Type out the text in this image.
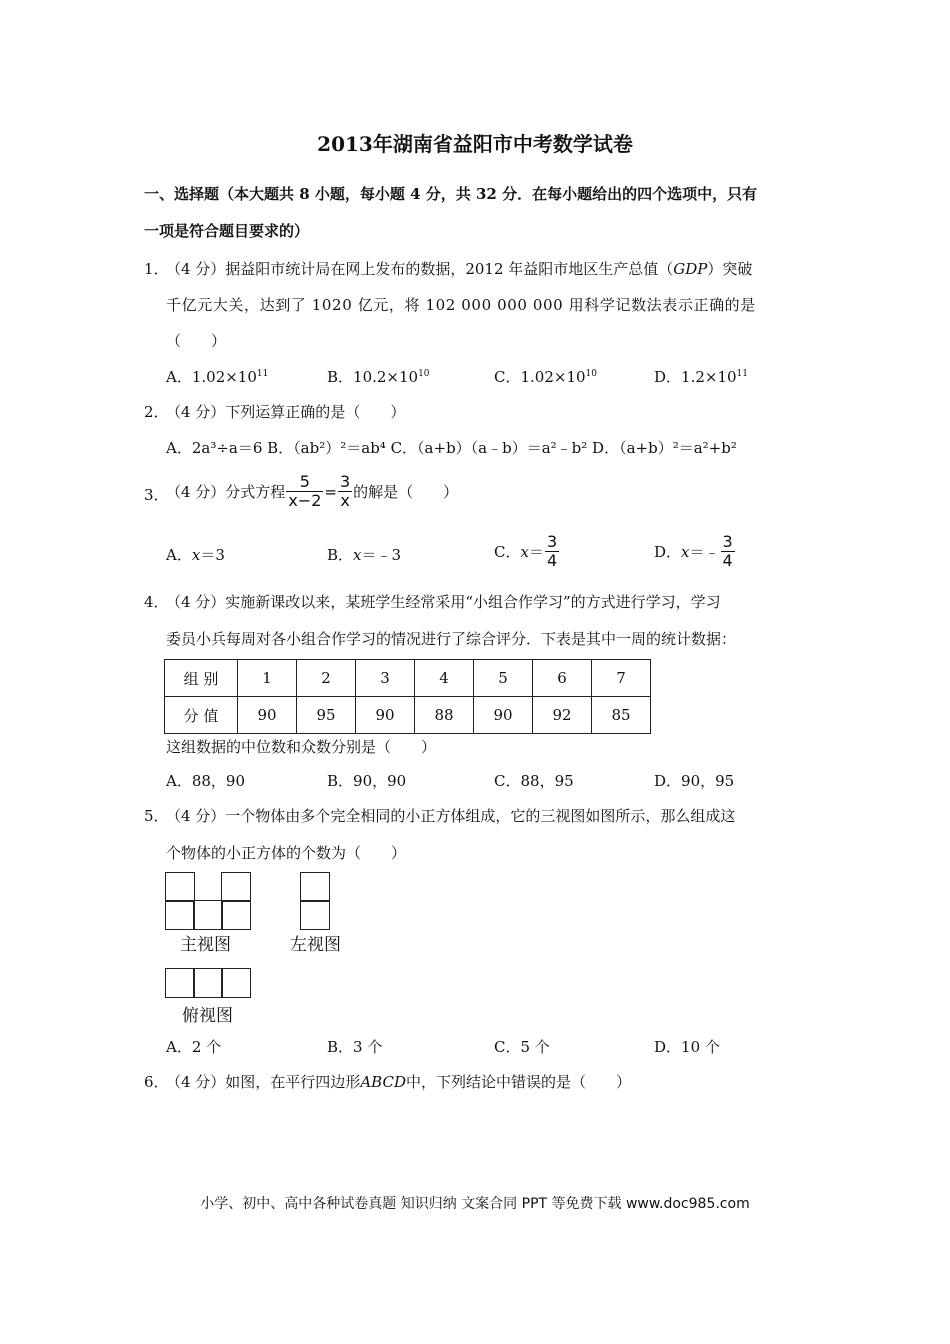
2013年湖南省益阳市中考数学试卷
一、选择题（本大题共 8 小题，每小题 4 分，共 32 分．在每小题给出的四个选项中，只有
一项是符合题目要求的）
1．
（4 分）据益阳市统计局在网上发布的数据，2012 年益阳市地区生产总值（GDP）突破
千亿元大关，达到了 1020 亿元，将 102 000 000 000 用科学记数法表示正确的是
（　　）
A．$1.02\times 10^{11}$	B．$10.2\times 10^{10}$	C．$1.02\times 10^{10}$	D．$1.2\times 10^{11}$
2．
（4 分）下列运算正确的是（　　）
A．2a³÷a＝6 B．（ab²）²＝ab⁴ C．（a+b）（a﹣b）＝a²﹣b² D．（a+b）²＝a²+b²
3．
（4 分）分式方程 $\frac{5}{x-2} = \frac{3}{x}$ 的解是（　　）
A．x＝3	B．x＝﹣3	C．$x= \frac{3}{4}$	D．x＝﹣ $\frac{3}{4}$
4．
（4 分）实施新课改以来，某班学生经常采用“小组合作学习”的方式进行学习，学习
委员小兵每周对各小组合作学习的情况进行了综合评分．下表是其中一周的统计数据：
组 别	1	2	3	4	5	6	7
分 值	90	95	90	88	90	92	85
这组数据的中位数和众数分别是（　　）
A．88，90	B．90，90	C．88，95	D．90，95
5．
（4 分）一个物体由多个完全相同的小正方体组成，它的三视图如图所示，那么组成这
个物体的小正方体的个数为（　　）
主视图	左视图
俯视图
A．2 个	B．3 个	C．5 个	D．10 个
6．
（4 分）如图，在平行四边形ABCD中，下列结论中错误的是（　　）
小学、初中、高中各种试卷真题 知识归纳 文案合同 PPT 等免费下载 www.doc985.com
